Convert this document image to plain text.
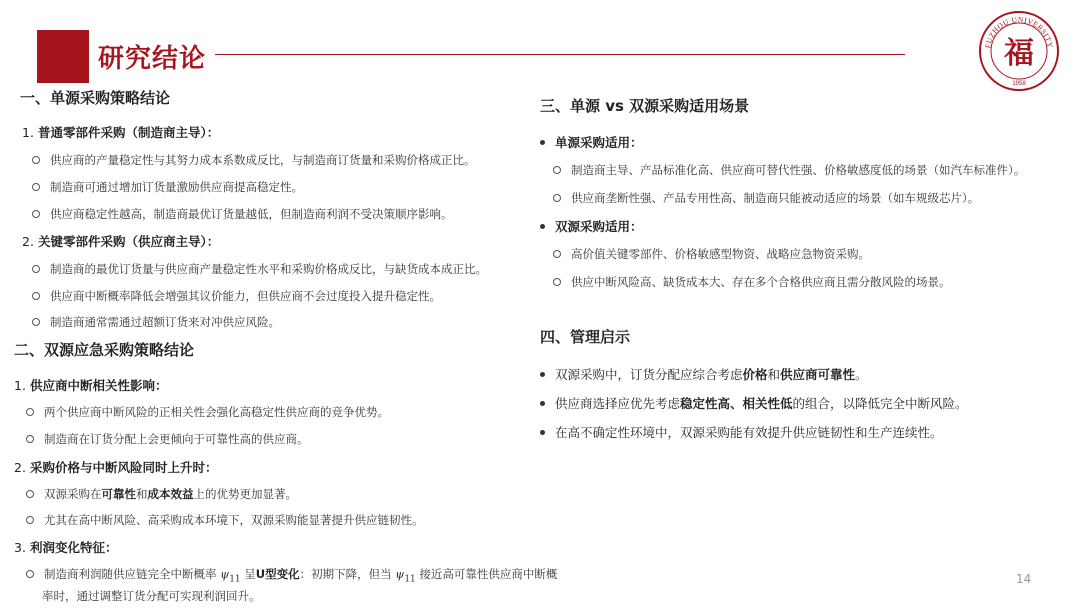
研究结论	FUZHOU UNIVERSITY
福
1958

一、单源采购策略结论

1. 普通零部件采购（制造商主导）：

供应商的产量稳定性与其努力成本系数成反比，与制造商订货量和采购价格成正比。

制造商可通过增加订货量激励供应商提高稳定性。

供应商稳定性越高，制造商最优订货量越低，但制造商利润不受决策顺序影响。

2. 关键零部件采购（供应商主导）：

制造商的最优订货量与供应商产量稳定性水平和采购价格成反比，与缺货成本成正比。

供应商中断概率降低会增强其议价能力，但供应商不会过度投入提升稳定性。

制造商通常需通过超额订货来对冲供应风险。

二、双源应急采购策略结论

1. 供应商中断相关性影响：

两个供应商中断风险的正相关性会强化高稳定性供应商的竞争优势。

制造商在订货分配上会更倾向于可靠性高的供应商。

2. 采购价格与中断风险同时上升时：

双源采购在可靠性和成本效益上的优势更加显著。

尤其在高中断风险、高采购成本环境下，双源采购能显著提升供应链韧性。

3. 利润变化特征：

制造商利润随供应链完全中断概率 $\psi_{11}$ 呈U型变化：初期下降，但当 $\psi_{11}$ 接近高可靠性供应商中断概

率时，通过调整订货分配可实现利润回升。

三、单源 vs 双源采购适用场景

单源采购适用：

制造商主导、产品标准化高、供应商可替代性强、价格敏感度低的场景（如汽车标准件）。

供应商垄断性强、产品专用性高、制造商只能被动适应的场景（如车规级芯片）。

双源采购适用：

高价值关键零部件、价格敏感型物资、战略应急物资采购。

供应中断风险高、缺货成本大、存在多个合格供应商且需分散风险的场景。

四、管理启示

双源采购中，订货分配应综合考虑价格和供应商可靠性。

供应商选择应优先考虑稳定性高、相关性低的组合，以降低完全中断风险。

在高不确定性环境中，双源采购能有效提升供应链韧性和生产连续性。

14
